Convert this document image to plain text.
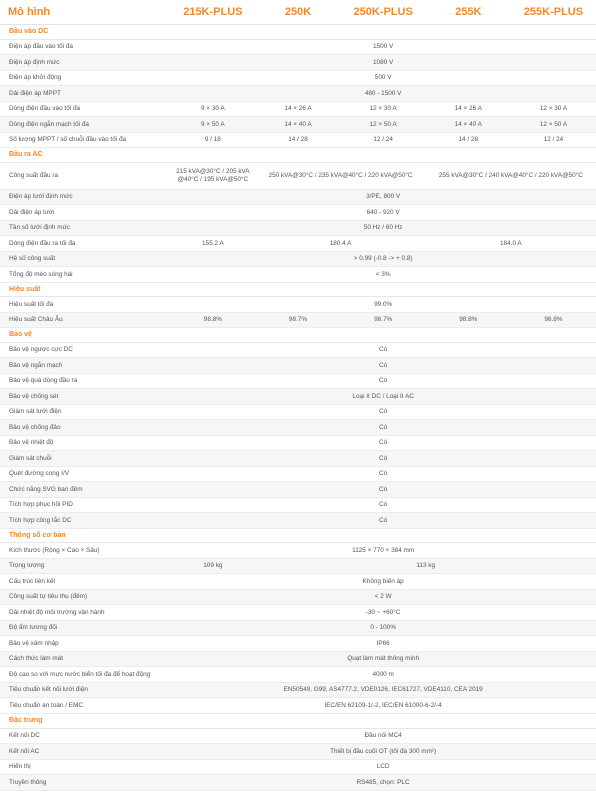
Mô hình	215K-PLUS	250K	250K-PLUS	255K	255K-PLUS
Đầu vào DC					
Điện áp đầu vào tối đa	1500 V				
Điện áp định mức	1080 V				
Điện áp khởi động	500 V				
Dải điện áp MPPT	480 - 1500 V				
Dòng điện đầu vào tối đa	9 × 30 A	14 × 26 A	12 × 30 A	14 × 26 A	12 × 30 A
Dòng điện ngắn mạch tối đa	9 × 50 A	14 × 40 A	12 × 50 A	14 × 40 A	12 × 50 A
Số lượng MPPT / số chuỗi đầu vào tối đa	9 / 18	14 / 28	12 / 24	14 / 28	12 / 24
Đầu ra AC					
Công suất đầu ra	215 kVA@30°C / 205 kVA @40°C / 195 kVA@50°C	250 kVA@30°C / 235 kVA@40°C / 220 kVA@50°C		255 kVA@30°C / 240 kVA@40°C / 220 kVA@50°C	
Điện áp lưới định mức	3/PE, 800 V				
Dải điện áp lưới	640 - 920 V				
Tần số lưới định mức	50 Hz / 60 Hz				
Dòng điện đầu ra tối đa	155.2 A	180.4 A		184.0 A	
Hệ số công suất	> 0.99 (-0.8 -> + 0.8)				
Tổng độ méo sóng hài	< 3%				
Hiệu suất					
Hiệu suất tối đa	99.0%				
Hiệu suất Châu Âu	98.8%	98.7%	98.7%	98.8%	98.8%
Bảo vệ					
Bảo vệ ngược cực DC	Có				
Bảo vệ ngắn mạch	Có				
Bảo vệ quá dòng đầu ra	Có				
Bảo vệ chống sét	Loại II DC / Loại II AC				
Giám sát lưới điện	Có				
Bảo vệ chống đảo	Có				
Bảo vệ nhiệt độ	Có				
Giám sát chuỗi	Có				
Quét đường cong I/V	Có				
Chức năng SVG ban đêm	Có				
Tích hợp phục hồi PID	Có				
Tích hợp công tắc DC	Có				
Thông số cơ bản					
Kích thước (Rộng × Cao × Sâu)	1125 × 770 × 384 mm				
Trọng lượng	109 kg	113 kg			
Cấu trúc liên kết	Không biến áp				
Công suất tự tiêu thụ (đêm)	< 2 W				
Dải nhiệt độ môi trường vận hành	-30 ~ +60°C				
Độ ẩm tương đối	0 - 100%				
Bảo vệ xâm nhập	IP66				
Cách thức làm mát	Quạt làm mát thông minh				
Độ cao so với mực nước biển tối đa để hoạt động	4000 m				
Tiêu chuẩn kết nối lưới điện	EN50549, G99, AS4777.2, VDE0126, IEC61727, VDE4110, CEA 2019				
Tiêu chuẩn an toàn / EMC	IEC/EN 62109-1/-2, IEC/EN 61000-6-2/-4				
Đặc trưng					
Kết nối DC	Đầu nối MC4				
Kết nối AC	Thiết bị đầu cuối OT (tối đa 300 mm²)				
Hiển thị	LCD				
Truyền thông	RS485, chọn: PLC				
